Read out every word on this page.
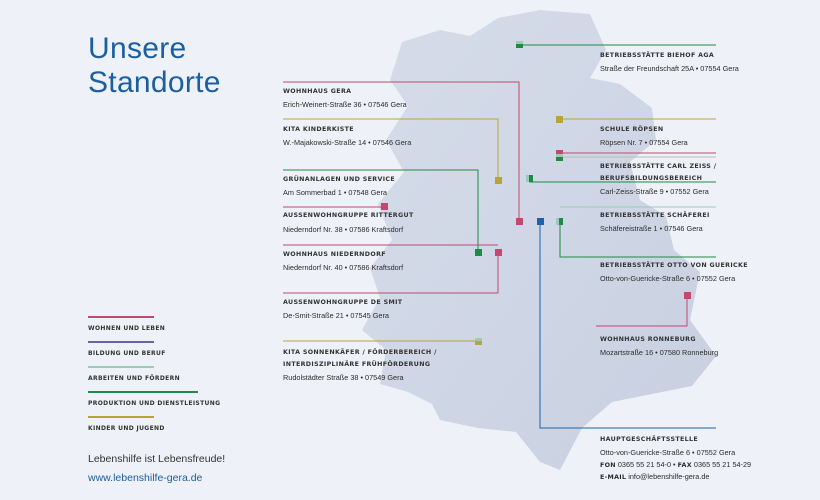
Unsere
Standorte	WOHNHAUS GERA
Erich-Weinert-Straße 36 • 07546 Gera
KITA KINDERKISTE
W.-Majakowski-Straße 14 • 07546 Gera
GRÜNANLAGEN UND SERVICE
Am Sommerbad 1 • 07548 Gera
AUSSENWOHNGRUPPE RITTERGUT
Niederndorf Nr. 38 • 07586 Kraftsdorf
WOHNHAUS NIEDERNDORF
Niederndorf Nr. 40 • 07586 Kraftsdorf
AUSSENWOHNGRUPPE DE SMIT
De-Smit-Straße 21 • 07545 Gera
KITA SONNENKÄFER / FÖRDERBEREICH /
INTERDISZIPLINÄRE FRÜHFÖRDERUNG
Rudolstädter Straße 38 • 07549 Gera
BETRIEBSSTÄTTE BIEHOF AGA
Straße der Freundschaft 25A • 07554 Gera
SCHULE RÖPSEN
Röpsen Nr. 7 • 07554 Gera
BETRIEBSSTÄTTE CARL ZEISS /
BERUFSBILDUNGSBEREICH
Carl-Zeiss-Straße 9 • 07552 Gera
BETRIEBSSTÄTTE SCHÄFEREI
Schäfereistraße 1 • 07546 Gera
BETRIEBSSTÄTTE OTTO VON GUERICKE
Otto-von-Guericke-Straße 6 • 07552 Gera
WOHNHAUS RONNEBURG
Mozartstraße 16 • 07580 Ronneburg
HAUPTGESCHÄFTSSTELLE
Otto-von-Guericke-Straße 6 • 07552 Gera
FON 0365 55 21 54-0 • FAX 0365 55 21 54-29
E-MAIL info@lebenshilfe-gera.de
WOHNEN UND LEBEN
BILDUNG UND BERUF
ARBEITEN UND FÖRDERN
PRODUKTION UND DIENSTLEISTUNG
KINDER UND JUGEND

Lebenshilfe ist Lebensfreude!

www.lebenshilfe-gera.de
